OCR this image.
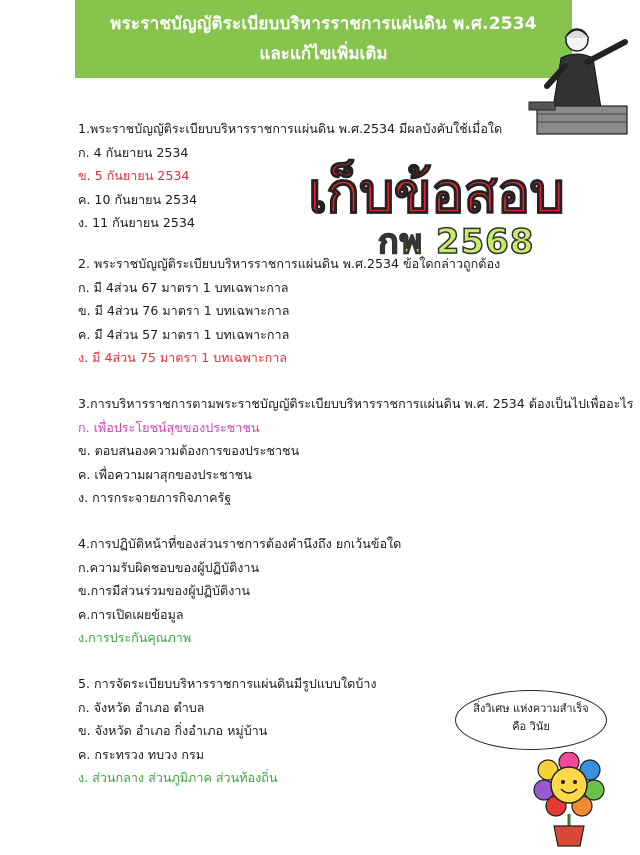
พระราชบัญญัติระเบียบบริหารราชการแผ่นดิน พ.ศ.2534
และแก้ไขเพิ่มเติม
เก็บข้อสอบ
กพ 2568
1.พระราชบัญญัติระเบียบบริหารราชการแผ่นดิน พ.ศ.2534 มีผลบังคับใช้เมื่อใด
ก. 4 กันยายน 2534
ข. 5 กันยายน 2534
ค. 10 กันยายน 2534
ง. 11 กันยายน 2534
2. พระราชบัญญัติระเบียบบริหารราชการแผ่นดิน พ.ศ.2534 ข้อใดกล่าวถูกต้อง
ก. มี 4ส่วน 67 มาตรา 1 บทเฉพาะกาล
ข. มี 4ส่วน 76 มาตรา 1 บทเฉพาะกาล
ค. มี 4ส่วน 57 มาตรา 1 บทเฉพาะกาล
ง. มี 4ส่วน 75 มาตรา 1 บทเฉพาะกาล
3.การบริหารราชการตามพระราชบัญญัติระเบียบบริหารราชการแผ่นดิน พ.ศ. 2534 ต้องเป็นไปเพื่ออะไร
ก. เพื่อประโยชน์สุขของประชาชน
ข. ตอบสนองความต้องการของประชาชน
ค. เพื่อความผาสุกของประชาชน
ง. การกระจายภารกิจภาครัฐ
4.การปฏิบัติหน้าที่ของส่วนราชการต้องคำนึงถึง ยกเว้นข้อใด
ก.ความรับผิดชอบของผู้ปฏิบัติงาน
ข.การมีส่วนร่วมของผู้ปฏิบัติงาน
ค.การเปิดเผยข้อมูล
ง.การประกันคุณภาพ
5. การจัดระเบียบบริหารราชการแผ่นดินมีรูปแบบใดบ้าง
ก. จังหวัด อำเภอ ตำบล
ข. จังหวัด อำเภอ กิ่งอำเภอ หมู่บ้าน
ค. กระทรวง ทบวง กรม
ง. ส่วนกลาง ส่วนภูมิภาค ส่วนท้องถิ่น
สิ่งวิเศษ แห่งความสำเร็จ
คือ วินัย
